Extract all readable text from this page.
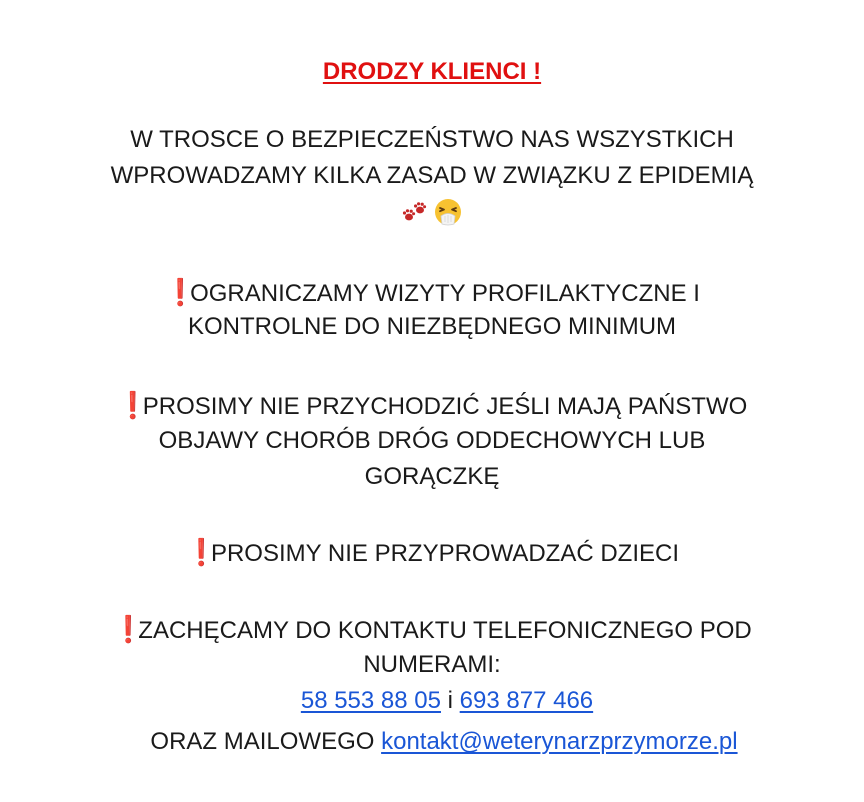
DRODZY KLIENCI !
W TROSCE O BEZPIECZEŃSTWO NAS WSZYSTKICH
WPROWADZAMY KILKA ZASAD W ZWIĄZKU Z EPIDEMIĄ
❗OGRANICZAMY WIZYTY PROFILAKTYCZNE I
KONTROLNE DO NIEZBĘDNEGO MINIMUM
❗PROSIMY NIE PRZYCHODZIĆ JEŚLI MAJĄ PAŃSTWO
OBJAWY CHORÓB DRÓG ODDECHOWYCH LUB
GORĄCZKĘ
❗PROSIMY NIE PRZYPROWADZAĆ DZIECI
❗ZACHĘCAMY DO KONTAKTU TELEFONICZNEGO POD
NUMERAMI:
58 553 88 05 i 693 877 466
ORAZ MAILOWEGO kontakt@weterynarzprzymorze.pl
